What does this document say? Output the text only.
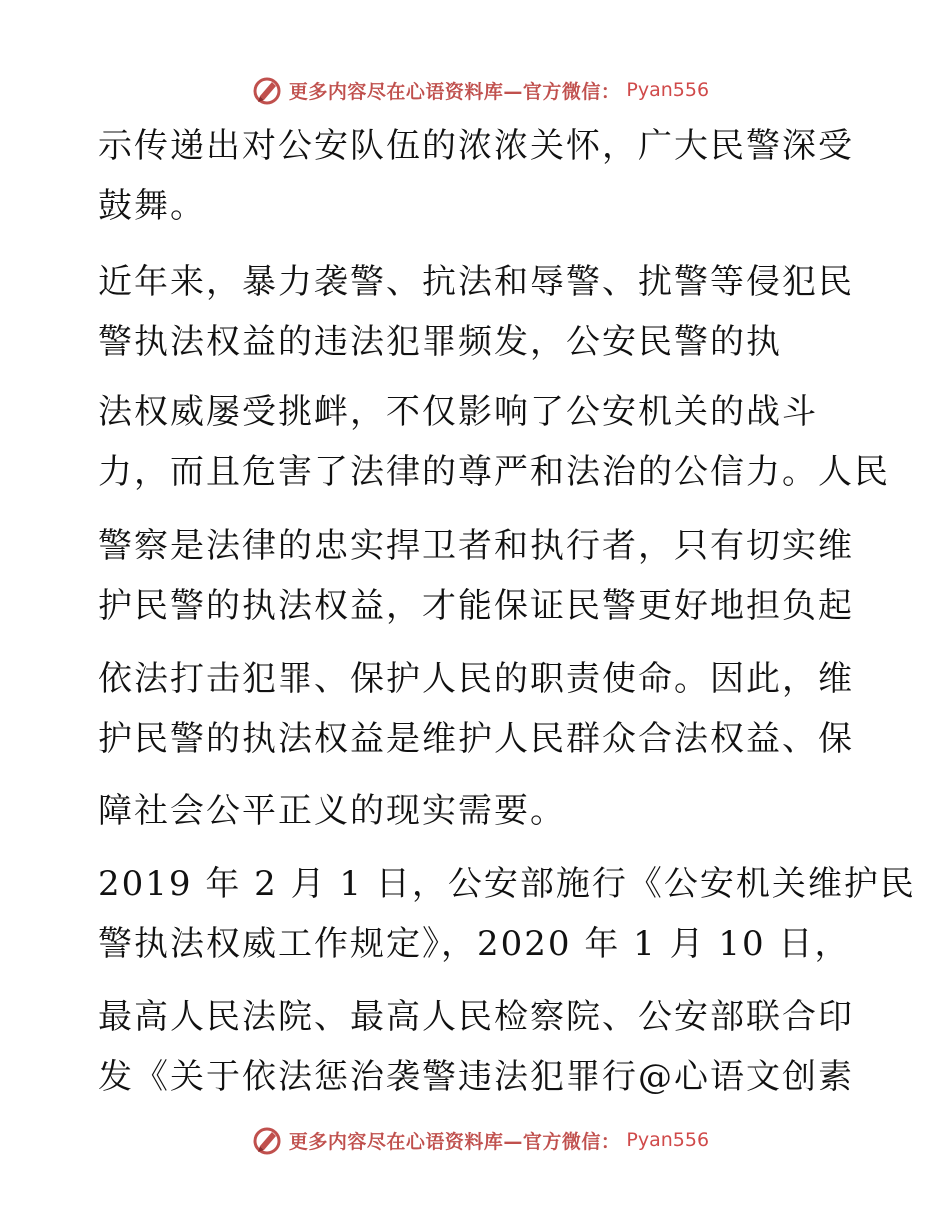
更多内容尽在心语资料库—官方微信： Pyan556
示传递出对公安队伍的浓浓关怀，广大民警深受
鼓舞。
近年来，暴力袭警、抗法和辱警、扰警等侵犯民
警执法权益的违法犯罪频发，公安民警的执
法权威屡受挑衅，不仅影响了公安机关的战斗
力，而且危害了法律的尊严和法治的公信力。人民
警察是法律的忠实捍卫者和执行者，只有切实维
护民警的执法权益，才能保证民警更好地担负起
依法打击犯罪、保护人民的职责使命。因此，维
护民警的执法权益是维护人民群众合法权益、保
障社会公平正义的现实需要。
2019 年 2 月 1 日，公安部施行《公安机关维护民
警执法权威工作规定》，2020 年 1 月 10 日，
最高人民法院、最高人民检察院、公安部联合印
发《关于依法惩治袭警违法犯罪行@心语文创素
更多内容尽在心语资料库—官方微信： Pyan556
